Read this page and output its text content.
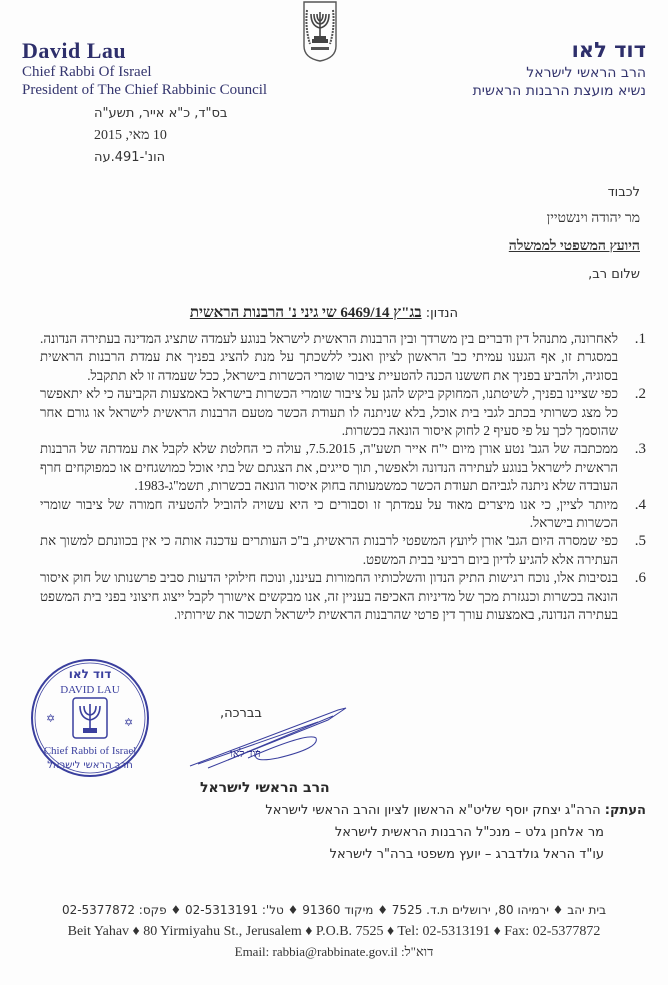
David Lau
Chief Rabbi Of Israel
President of The Chief Rabbinic Council
דוד לאו
הרב הראשי לישראל
נשיא מועצת הרבנות הראשית
בס"ד, כ"א אייר, תשע"ה
10 מאי, 2015
הונ'-491.עה
לכבוד
מר יהודה וינשטיין
היועץ המשפטי לממשלה
שלום רב,
הנדון: בג"ץ 6469/14 שי גיני נ' הרבנות הראשית
1.
לאחרונה, מתנהל דין ודברים בין משרדך ובין הרבנות הראשית לישראל בנוגע לעמדה שתציג המדינה בעתירה הנדונה. במסגרת זו, אף הגענו עמיתי כב' הראשון לציון ואנכי ללשכתך על מנת להציג בפניך את עמדת הרבנות הראשית בסוגיה, ולהביע בפניך את חששנו הכנה להטעיית ציבור שומרי הכשרות בישראל, ככל שעמדה זו לא תתקבל.
2.
כפי שציינו בפניך, לשיטתנו, המחוקק ביקש להגן על ציבור שומרי הכשרות בישראל באמצעות הקביעה כי לא יתאפשר כל מצג כשרותי בכתב לגבי בית אוכל, בלא שניתנה לו תעודת הכשר מטעם הרבנות הראשית לישראל או גורם אחר שהוסמך לכך על פי סעיף 2 לחוק איסור הונאה בכשרות.
3.
ממכתבה של הגב' נטע אורן מיום י"ח אייר תשע"ה, 7.5.2015, עולה כי החלטת שלא לקבל את עמדתה של הרבנות הראשית לישראל בנוגע לעתירה הנדונה ולאפשר, תוך סייגים, את הצגתם של בתי אוכל כמושגחים או כמפוקחים חרף העובדה שלא ניתנה לגביהם תעודת הכשר כמשמעותה בחוק איסור הונאה בכשרות, תשמ"ג-1983.
4.
מיותר לציין, כי אנו מיצרים מאוד על עמדתך זו וסבורים כי היא עשויה להוביל להטעיה חמורה של ציבור שומרי הכשרות בישראל.
5.
כפי שמסרה היום הגב' אורן ליועץ המשפטי לרבנות הראשית, ב"כ העותרים עדכנה אותה כי אין בכוונתם למשוך את העתירה אלא להגיע לדיון ביום רביעי בבית המשפט.
6.
בנסיבות אלו, נוכח רגישות התיק הנדון והשלכותיו החמורות בעיננו, ונוכח חילוקי הדעות סביב פרשנותו של חוק איסור הונאה בכשרות וכנגזרת מכך של מדיניות האכיפה בעניין זה, אנו מבקשים אישורך לקבל ייצוג חיצוני בפני בית המשפט בעתירה הנדונה, באמצעות עורך דין פרטי שהרבנות הראשית לישראל תשכור את שירותיו.
דוד לאו
DAVID LAU
✡	✡
Chief Rabbi of Israel
חרב הראשי לישראל
בברכה,
דוד לאו
הרב הראשי לישראל
העתק: הרה"ג יצחק יוסף שליט"א הראשון לציון והרב הראשי לישראל
מר אלחנן גלט – מנכ"ל הרבנות הראשית לישראל
עו"ד הראל גולדברג – יועץ משפטי ברה"ר לישראל
בית יהב ♦ ירמיהו 80, ירושלים ת.ד. 7525 ♦ מיקוד 91360 ♦ טל': 02-5313191 ♦ פקס: 02-5377872
Beit Yahav ♦ 80 Yirmiyahu St., Jerusalem ♦ P.O.B. 7525 ♦ Tel: 02-5313191 ♦ Fax: 02-5377872
Email: rabbia@rabbinate.gov.il :דוא"ל
